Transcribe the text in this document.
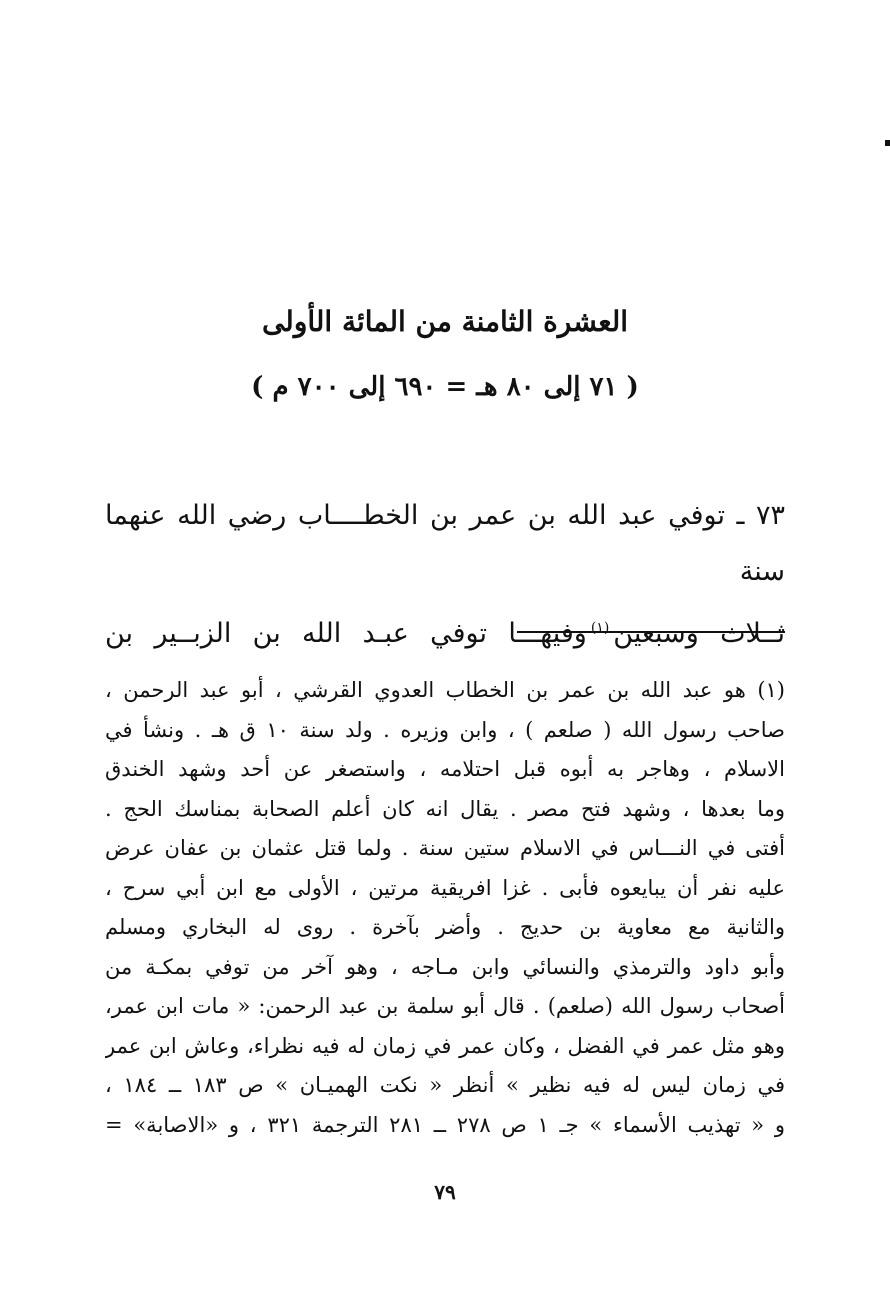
العشرة الثامنة من المائة الأولى
( ٧١ إلى ٨٠ هـ = ٦٩٠ إلى ٧٠٠ م )
٧٣ ـ توفي عبد الله بن عمر بن الخطــــاب رضي الله عنهما سنة
ثــلاث وسبعين$^{(١)}$وفيهـــا توفي عبـد الله بن الزبــير بن
(١) هو عبد الله بن عمر بن الخطاب العدوي القرشي ، أبو عبد الرحمن ،
صاحب رسول الله ( صلعم ) ، وابن وزيره . ولد سنة ١٠ ق هـ . ونشأ في
الاسلام ، وهاجر به أبوه قبل احتلامه ، واستصغر عن أحد وشهد الخندق
وما بعدها ، وشهد فتح مصر . يقال انه كان أعلم الصحابة بمناسك الحج .
أفتى في النـــاس في الاسلام ستين سنة . ولما قتل عثمان بن عفان عرض
عليه نفر أن يبايعوه فأبى . غزا افريقية مرتين ، الأولى مع ابن أبي سرح ،
والثانية مع معاوية بن حديج . وأضر بآخرة . روى له البخاري ومسلم
وأبو داود والترمذي والنسائي وابن مـاجه ، وهو آخر من توفي بمكـة من
أصحاب رسول الله (صلعم) . قال أبو سلمة بن عبد الرحمن: « مات ابن عمر،
وهو مثل عمر في الفضل ، وكان عمر في زمان له فيه نظراء، وعاش ابن عمر
في زمان ليس له فيه نظير » أنظر « نكت الهميـان » ص ١٨٣ ــ ١٨٤ ،
و « تهذيب الأسماء » جـ ١ ص ٢٧٨ ــ ٢٨١ الترجمة ٣٢١ ، و «الاصابة» =
٧٩
